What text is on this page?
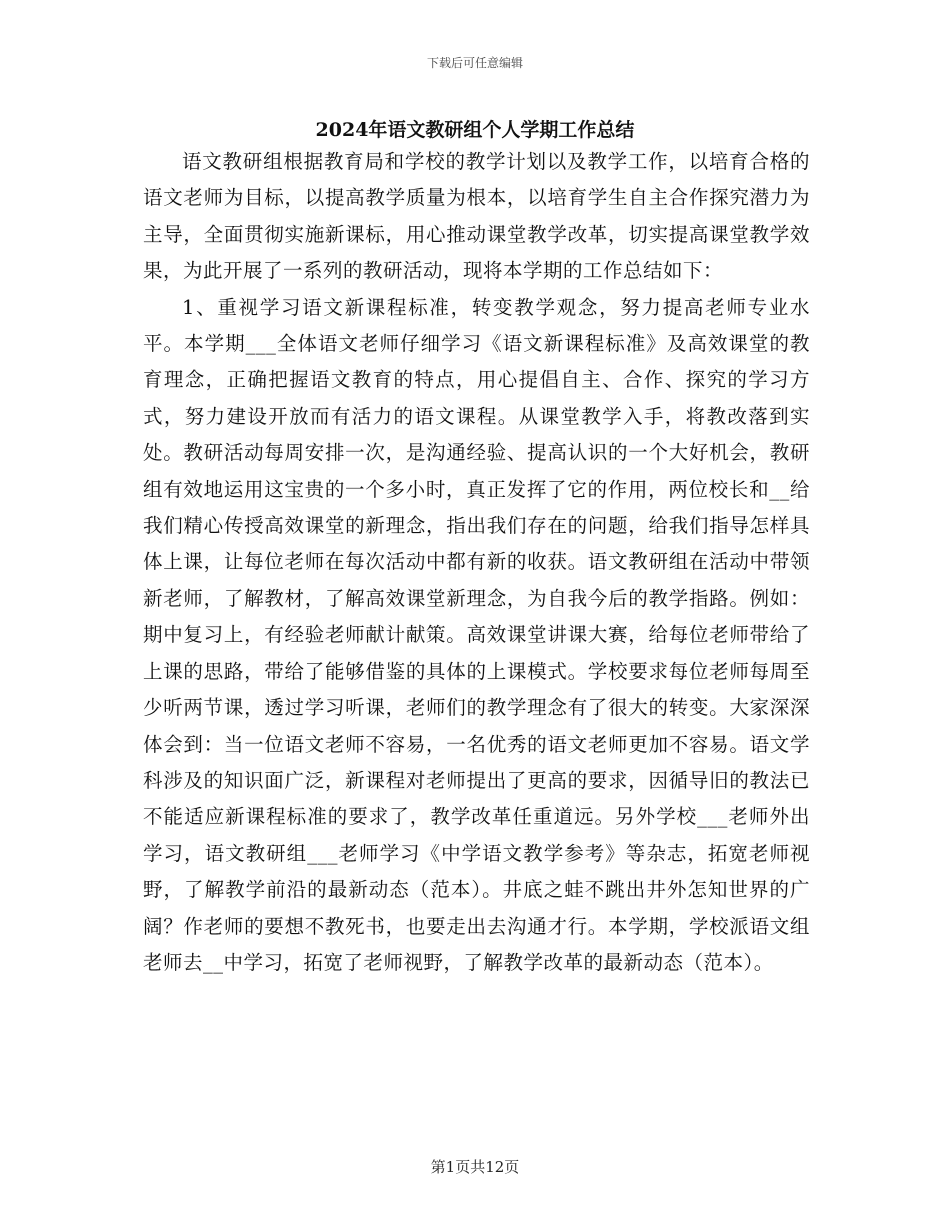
下载后可任意编辑
2024年语文教研组个人学期工作总结

语文教研组根据教育局和学校的教学计划以及教学工作，以培育合格的语文老师为目标，以提高教学质量为根本，以培育学生自主合作探究潜力为主导，全面贯彻实施新课标，用心推动课堂教学改革，切实提高课堂教学效果，为此开展了一系列的教研活动，现将本学期的工作总结如下：

1、重视学习语文新课程标准，转变教学观念，努力提高老师专业水平。本学期___全体语文老师仔细学习《语文新课程标准》及高效课堂的教育理念，正确把握语文教育的特点，用心提倡自主、合作、探究的学习方式，努力建设开放而有活力的语文课程。从课堂教学入手，将教改落到实处。教研活动每周安排一次，是沟通经验、提高认识的一个大好机会，教研组有效地运用这宝贵的一个多小时，真正发挥了它的作用，两位校长和__给我们精心传授高效课堂的新理念，指出我们存在的问题，给我们指导怎样具体上课，让每位老师在每次活动中都有新的收获。语文教研组在活动中带领新老师，了解教材，了解高效课堂新理念，为自我今后的教学指路。例如：期中复习上，有经验老师献计献策。高效课堂讲课大赛，给每位老师带给了上课的思路，带给了能够借鉴的具体的上课模式。学校要求每位老师每周至少听两节课，透过学习听课，老师们的教学理念有了很大的转变。大家深深体会到：当一位语文老师不容易，一名优秀的语文老师更加不容易。语文学科涉及的知识面广泛，新课程对老师提出了更高的要求，因循导旧的教法已不能适应新课程标准的要求了，教学改革任重道远。另外学校___老师外出学习，语文教研组___老师学习《中学语文教学参考》等杂志，拓宽老师视野，了解教学前沿的最新动态（范本）。井底之蛙不跳出井外怎知世界的广阔？作老师的要想不教死书，也要走出去沟通才行。本学期，学校派语文组老师去__中学习，拓宽了老师视野，了解教学改革的最新动态（范本）。

第1页共12页
